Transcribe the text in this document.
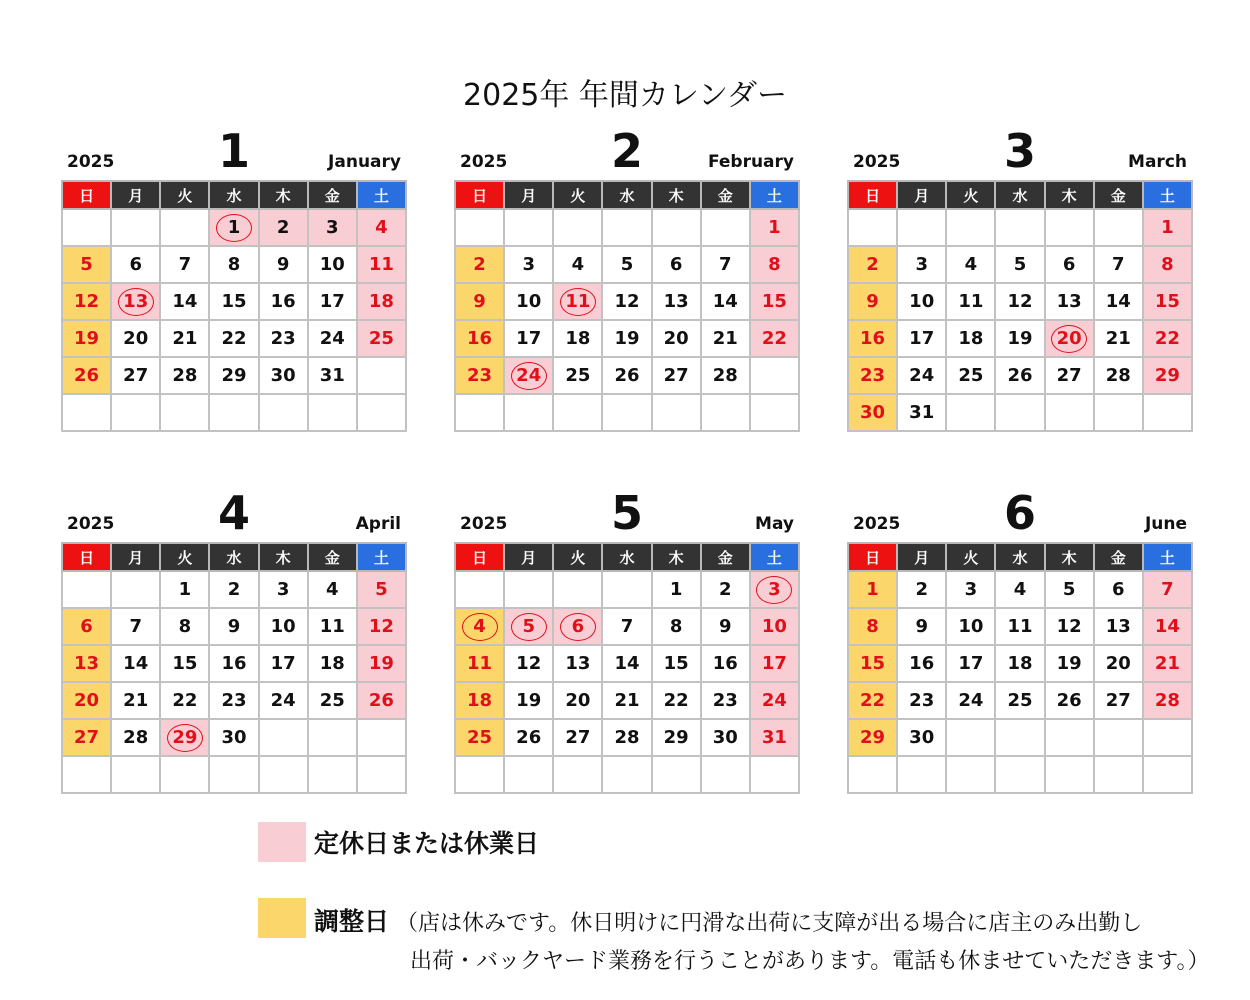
2025年 年間カレンダー
2025	1	January
日	月	火	水	木	金	土
			1	2	3	4
5	6	7	8	9	10	11
12	13	14	15	16	17	18
19	20	21	22	23	24	25
26	27	28	29	30	31	

2025	2	February
日	月	火	水	木	金	土
						1
2	3	4	5	6	7	8
9	10	11	12	13	14	15
16	17	18	19	20	21	22
23	24	25	26	27	28	

2025	3	March
日	月	火	水	木	金	土
						1
2	3	4	5	6	7	8
9	10	11	12	13	14	15
16	17	18	19	20	21	22
23	24	25	26	27	28	29
30	31					
2025	4	April
日	月	火	水	木	金	土
		1	2	3	4	5
6	7	8	9	10	11	12
13	14	15	16	17	18	19
20	21	22	23	24	25	26
27	28	29	30			

2025	5	May
日	月	火	水	木	金	土
				1	2	3
4	5	6	7	8	9	10
11	12	13	14	15	16	17
18	19	20	21	22	23	24
25	26	27	28	29	30	31

2025	6	June
日	月	火	水	木	金	土
1	2	3	4	5	6	7
8	9	10	11	12	13	14
15	16	17	18	19	20	21
22	23	24	25	26	27	28
29	30					

定休日または休業日
調整日 （店は休みです。休日明けに円滑な出荷に支障が出る場合に店主のみ出勤し
出荷・バックヤード業務を行うことがあります。電話も休ませていただきます。）
